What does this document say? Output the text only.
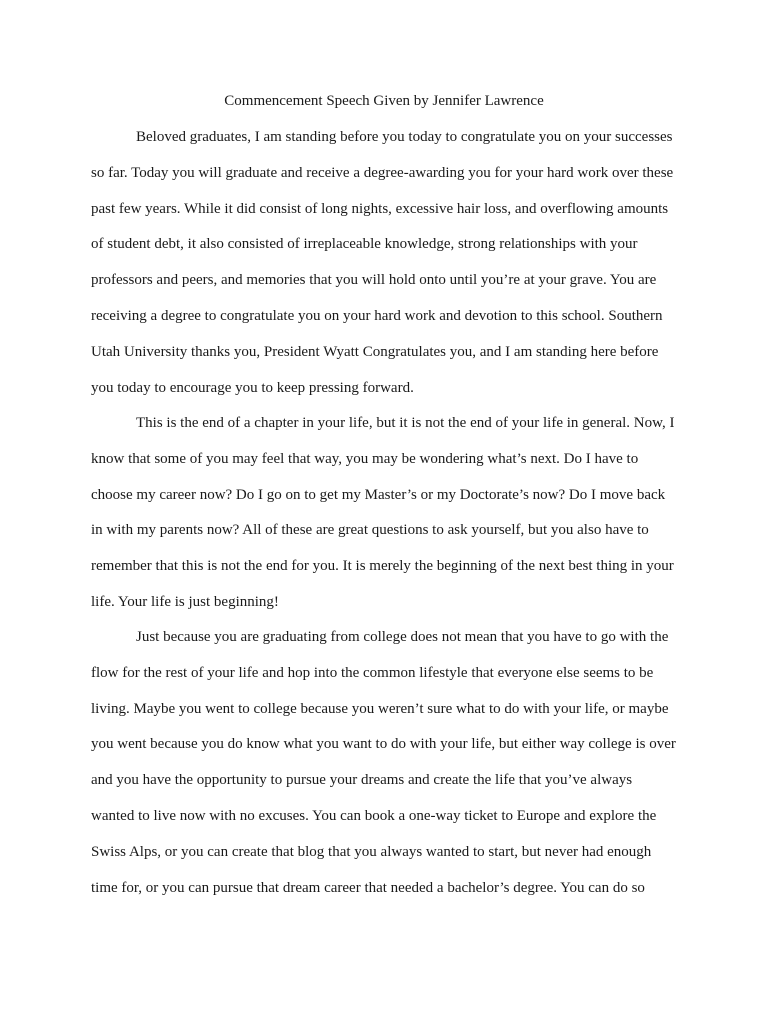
Commencement Speech Given by Jennifer Lawrence
Beloved graduates, I am standing before you today to congratulate you on your successes
so far. Today you will graduate and receive a degree-awarding you for your hard work over these
past few years. While it did consist of long nights, excessive hair loss, and overflowing amounts
of student debt, it also consisted of irreplaceable knowledge, strong relationships with your
professors and peers, and memories that you will hold onto until you’re at your grave. You are
receiving a degree to congratulate you on your hard work and devotion to this school. Southern
Utah University thanks you, President Wyatt Congratulates you, and I am standing here before
you today to encourage you to keep pressing forward.
This is the end of a chapter in your life, but it is not the end of your life in general. Now, I
know that some of you may feel that way, you may be wondering what’s next. Do I have to
choose my career now? Do I go on to get my Master’s or my Doctorate’s now? Do I move back
in with my parents now? All of these are great questions to ask yourself, but you also have to
remember that this is not the end for you. It is merely the beginning of the next best thing in your
life. Your life is just beginning!
Just because you are graduating from college does not mean that you have to go with the
flow for the rest of your life and hop into the common lifestyle that everyone else seems to be
living. Maybe you went to college because you weren’t sure what to do with your life, or maybe
you went because you do know what you want to do with your life, but either way college is over
and you have the opportunity to pursue your dreams and create the life that you’ve always
wanted to live now with no excuses. You can book a one-way ticket to Europe and explore the
Swiss Alps, or you can create that blog that you always wanted to start, but never had enough
time for, or you can pursue that dream career that needed a bachelor’s degree. You can do so
